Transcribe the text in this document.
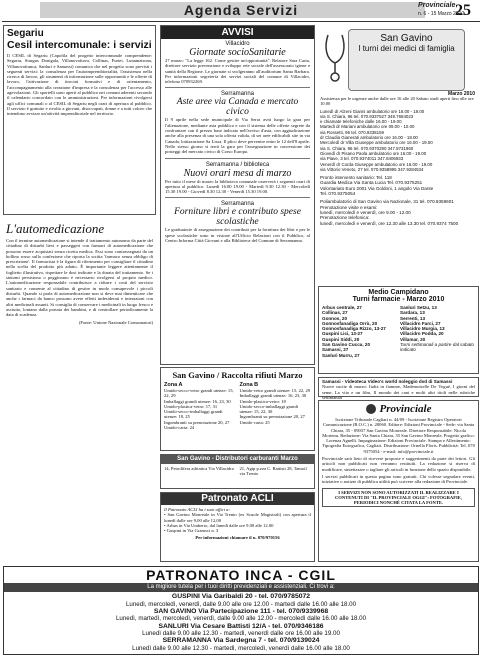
Agenda Servizi	Provinciale
n. 6 - 15 Marzo 2010
25
Segariu
Cesil intercomunale: i servizi
Il CESIL di Segariu (Capofila del progetto intercomunale comprendente: Segariu, Siurgus Donigala, Villanovaforru, Collinas, Furtei, Lunamatrona, Villanovafranca, Sanluri e Samassi) comunica che nel progetto sono previsti i seguenti servizi: la consulenza per l'autoimprenditorialità, l'assistenza nella ricerca di lavoro, gli strumenti di informazione sulle opportunità e le offerte di lavoro, l'attivazione di tirocini formativi e di orientamento, l'accompagnamento alla creazione d'impresa e la consulenza per l'accesso alle agevolazioni. Gli sportelli sono aperti al pubblico nei comuni aderenti secondo il calendario concordato con le amministrazioni. Per informazioni rivolgersi agli uffici comunali o al CESIL di Segariu negli orari di apertura al pubblico. Il servizio è gratuito e rivolto a giovani, disoccupati, donne e a tutti coloro che intendono avviare un'attività imprenditoriale nel territorio.
L'automedicazione
Con il termine automedicazione si intende il trattamento autonomo da parte del cittadino di disturbi lievi e passeggeri con farmaci di automedicazione che possono essere acquistati senza ricetta medica. Essi sono contrassegnati da un bollino rosso sulla confezione che riporta la scritta 'farmaco senza obbligo di prescrizione'. Il farmacista è la figura di riferimento per consigliare il cittadino nella scelta del prodotto più adatto. È importante leggere attentamente il foglietto illustrativo, rispettare le dosi indicate e la durata del trattamento. Se i sintomi persistono o peggiorano è necessario rivolgersi al proprio medico. L'automedicazione responsabile contribuisce a ridurre i costi del servizio sanitario e consente al cittadino di gestire in modo consapevole i piccoli disturbi. Quando si parla di automedicazione non si deve mai dimenticare che anche i farmaci da banco possono avere effetti indesiderati e interazioni con altri medicinali assunti. Si consiglia di conservare i medicinali in luogo fresco e asciutto, lontano dalla portata dei bambini, e di controllare periodicamente la data di scadenza.
(Fonte: Unione Nazionale Consumatori)
AVVISI
Villacidro
Giornate socioSanitarie
27 marzo: "La legge 162. Come gestire un'opportunità". Relatore Sara Carta, direttore servizio prevenzione e sviluppo rete sociale dell'assessorato igiene e sanità della Regione. Le giornate si svolgeranno all'auditorium Santa Barbara. Per informazioni segreteria dei servizi sociali del comune di Villacidro, telefono 070932269.
Serramanna
Aste aree via Canada e mercato civico
Il 9 aprile nella sede municipale di Via Serra avrà luogo la gara per l'alienazione, mediante asta pubblica e con il sistema delle offerte segrete da confrontare con il prezzo base indicato nell'avviso d'asta, con aggiudicazione anche alla presenza di una sola offerta valida, di sei aree edificabili site in via Canada, lottizzazione Sa Lissa. Il plico deve pervenire entro le 12 dell'8 aprile. Nello stesso giorno si terrà la gara per l'assegnazione in concessione dei posteggi del mercato civico di Corso Europa.
Serramanna / biblioteca
Nuovi orari mesa di marzo
Per tutto il mese di marzo la biblioteca comunale osserverà i seguenti orari di apertura al pubblico: Lunedì 16.00 19.00 - Martedì 9.30 12.30 - Mercoledì 15.30 19.00 - Giovedì 8.30 12.30 - Venerdì 15.30 19.00.
Serramanna
Forniture libri e contributo spese scolastiche
Le graduatorie di assegnazione dei contributi per la fornitura dei libri e per le spese scolastiche sono in visione all'Ufficio Relazioni con il Pubblico, al Centro Informa Città Giovani e alla Biblioteca del Comune di Serramanna.
San Gavino / Raccolta rifiuti Marzo
Zona A
Umido-secco-vetro grandi utenze: 15, 22, 29
Imballaggi grandi utenze: 16, 23, 30
Umido-plastica-vetro: 17, 31
Umido-secco-imballaggi grandi utenze: 18, 25
Ingombranti su prenotazione 20, 27
Umido-carta: 24
Zona B
Umido-vetro grandi utenze: 15, 22, 29
Imballaggi grandi utenze: 16, 23, 30
Umido-plastica-vetro: 18
Umido-secco-imballaggi grandi utenze: 15, 22, 30
Ingombranti su prenotazione 20, 27
Umido-carta: 25
San Gavino - Distributori carburanti Marzo
14, Petrolifera adriatica Via Villacidro	21, Agip p.zza C. Battisti 28, Tamoil via Trento
Patronato ACLI
Il Patronato ACLI ha i suoi uffici a:
• San Gavino Monreale in Via Trento (ex Scuole Magistrali) con apertura il lunedì dalle ore 9,00 alle 12,00
• Arbus in Via Umberto, dal lunedì dalle ore 9.00 alle 12.00
• Guspini in Via Gramsci n. 3
Per informazioni chiamare il n. 070/970156
San Gavino
I turni dei medici di famiglia
Marzo 2010
Assistenza per le urgenze anche dalle ore 16 alle 20 Sabato studi aperti fino alle ore 10.00
Lunedì dr Alzeni Gianni ambulatorio ore 16.00 - 18.00
via S. Chiara, 96 tel. 070.9337527 349.7684023
e chiamate telefoniche dalle 16.00 - 19.00
Martedì dr Mariani ambulatorio ore 09.00 - 10.00
via Rossetti, 96 tel. 070.9338159
dr Claudia Gianerati ambulatorio ore 16.00 - 18.00
Mercoledì dr Villa Giuseppe ambulatorio ore 16.00 - 19.00
via S. Chiara, 96 tel. 070.9370290 347.8731960
Giovedì dr Pisano Paola ambulatorio ore 16.00 - 19.00
via Piave, 3 tel. 070.9374011 347.8406933
Venerdì dr Corda Giuseppe ambulatorio ore 16.00 - 19.00
via Vittorio Veneto, 27 tel. 070.9358995 347.9284534
Pronto intervento sanitario: Tel. 118
Guardia Medica Via Santa Lucia Tel. 070.9375251
Volontariato Euro 2001 Via Goldoni, 1 angolo Via Dante
Tel. 070.9375054
Poliambulatorio di San Gavino via Nazionale, 31 tel. 070.9359601
Prenotazione visite e esami:
lunedì, mercoledì e venerdì, ore 9.00 - 12.00
Prenotazione telefonica:
lunedì, mercoledì e venerdì, ore 12.30 alle 13.30 tel. 070.9374 7500
Medio Campidano
Turni farmacie - Marzo 2010
Arbus centrale, 27
Collinas, 27
Gonnos, 20
Gonnosfanadiga Orrù, 20
Gonnosfanadiga Rizzo, 13-27
Guspini Lici, 13-27
Guspini Siddi, 20
San Gavino Cucca, 20
Samassi, 27
Sanluri Murru, 27
Sanluri Setzu, 13
Sardara, 13
Serrenti, 13
Villacidro Farci, 27
Villacidro Murgia, 13
Villacidro Podda, 20
Villamar, 20
Turni settimanali a partire dal sabato indicato
Samassi - Videoteca Video's world noleggio dvd di Samassi
Nuove uscite di marzo: Italia in fiamme, Mademoiselle De Vogué, I giorni del seme, La vita e un film, Il mondo dei cani e molti altri titoli nelle rubriche settimanali
Provinciale
Iscrizione Tribunale Cagliari n. 44/09 - Iscrizione Registro Operatori Comunicazione (R.O.C.) n. 20060. Editore: Edizioni Provinciale - Sede: via Santa Chiara, 35 - 09037 San Gavino Monreale. Direttore Responsabile: Nicola Mortenu. Redazione: Via Santa Chiara, 35 San Gavino Monreale. Progetto grafico: Lorenza Agnelli. Impaginazione: Edizioni Provinciale. Stampa e Allestimento: Tipografia Eurografica, Cagliari. Distribuzione: Ornella Floris. Pubblicità: Tel. 070 9375054 - e-mail: info@provinciale.it
Provinciale sarà lieto di ricevere proposte e suggerimenti da parte dei lettori. Gli articoli non pubblicati non verranno restituiti. La redazione si riserva di modificare, sintetizzare o tagliare gli articoli in funzione dello spazio disponibile.
I servizi pubblicati in questa pagina sono gratuiti. Chi volesse segnalare eventi, iniziative o notizie di pubblica utilità può scrivere alla redazione di Provinciale.
I SERVIZI NON SONO AUTORIZZATI IL REALIZZARE I CONTENUTI DI "IL PROVINCIALE OGGI": FOTOGRAFIE, PERIODICI NONCHÉ CITATA LA FONTE.
PATRONATO INCA - CGIL
La migliore tutela per i tuoi diritti previdenziali e assistenziali. Ci trovi a:
GUSPINI Via Garibaldi 20 - tel. 070/9785072
Lunedì, mercoledì, venerdì, dalle 9.00 alle ore 12.00 - martedì dalle 16.00 alle 18.00
SAN GAVINO Via Partecipazione 111 - tel. 070/9339968
Lunedì, martedì, mercoledì, venerdì, dalle 9.00 alle 12.00 - mercoledì dalle 16.00 alle 18.00
SANLURI Via Cesare Battisti 12/A - tel. 070/9346186
Lunedì dalle 9.00 alle 12.30 - martedì, venerdì dalle ore 16.00 alle 19.00
SERRAMANNA Via Sardegna 7 - tel. 070/9139024
Lunedì dalle 9.00 alle 12.30 - martedì, mercoledì, venerdì dalle 16.00 alle 18.00
